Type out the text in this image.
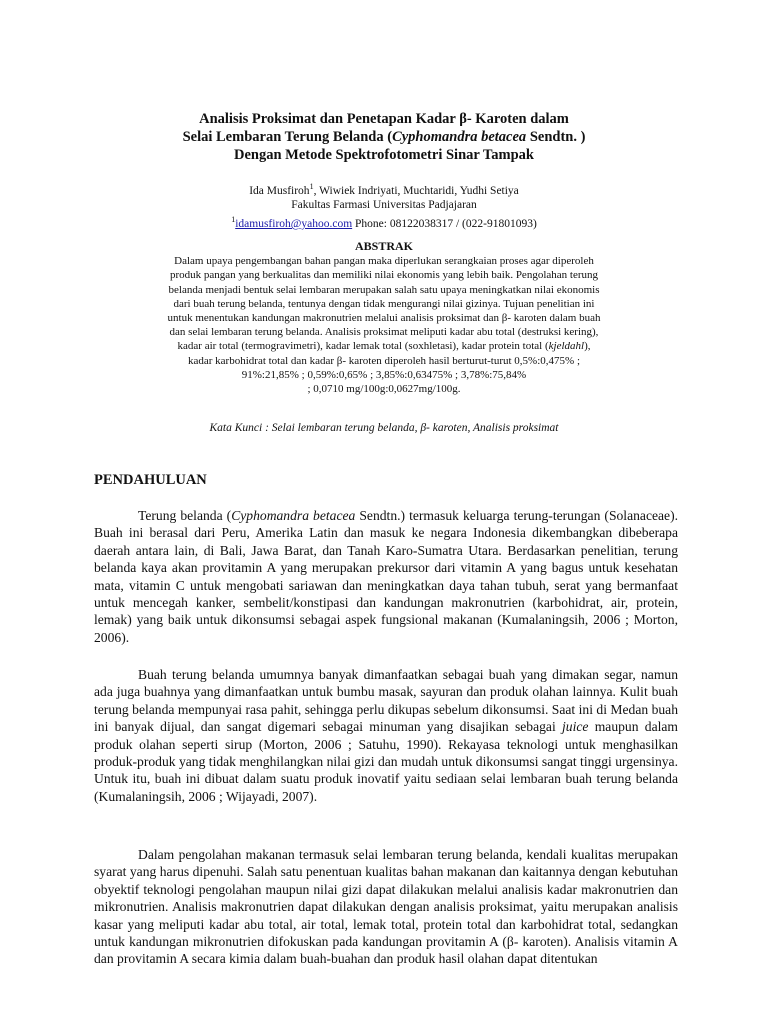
Analisis Proksimat dan Penetapan Kadar β- Karoten dalam
Selai Lembaran Terung Belanda (Cyphomandra betacea Sendtn. )
Dengan Metode Spektrofotometri Sinar Tampak
Ida Musfiroh$^1$, Wiwiek Indriyati, Muchtaridi, Yudhi Setiya
Fakultas Farmasi Universitas Padjajaran
$^1$idamusfiroh@yahoo.com Phone: 08122038317 / (022-91801093)
ABSTRAK
Dalam upaya pengembangan bahan pangan maka diperlukan serangkaian proses agar diperoleh
produk pangan yang berkualitas dan memiliki nilai ekonomis yang lebih baik. Pengolahan terung
belanda menjadi bentuk selai lembaran merupakan salah satu upaya meningkatkan nilai ekonomis
dari buah terung belanda, tentunya dengan tidak mengurangi nilai gizinya. Tujuan penelitian ini
untuk menentukan kandungan makronutrien melalui analisis proksimat dan β- karoten dalam buah
dan selai lembaran terung belanda. Analisis proksimat meliputi kadar abu total (destruksi kering),
kadar air total (termogravimetri), kadar lemak total (soxhletasi), kadar protein total (kjeldahl),
kadar karbohidrat total dan kadar β- karoten diperoleh hasil berturut-turut 0,5%:0,475% ;
91%:21,85% ; 0,59%:0,65% ; 3,85%:0,63475% ; 3,78%:75,84%
; 0,0710 mg/100g:0,0627mg/100g.
Kata Kunci : Selai lembaran terung belanda, β- karoten, Analisis proksimat
PENDAHULUAN
Terung belanda (Cyphomandra betacea Sendtn.) termasuk keluarga terung-terungan (Solanaceae). Buah ini berasal dari Peru, Amerika Latin dan masuk ke negara Indonesia dikembangkan dibeberapa daerah antara lain, di Bali, Jawa Barat, dan Tanah Karo-Sumatra Utara. Berdasarkan penelitian, terung belanda kaya akan provitamin A yang merupakan prekursor dari vitamin A yang bagus untuk kesehatan mata, vitamin C untuk mengobati sariawan dan meningkatkan daya tahan tubuh, serat yang bermanfaat untuk mencegah kanker, sembelit/konstipasi dan kandungan makronutrien (karbohidrat, air, protein, lemak) yang baik untuk dikonsumsi sebagai aspek fungsional makanan (Kumalaningsih, 2006 ; Morton, 2006).
Buah terung belanda umumnya banyak dimanfaatkan sebagai buah yang dimakan segar, namun ada juga buahnya yang dimanfaatkan untuk bumbu masak, sayuran dan produk olahan lainnya. Kulit buah terung belanda mempunyai rasa pahit, sehingga perlu dikupas sebelum dikonsumsi. Saat ini di Medan buah ini banyak dijual, dan sangat digemari sebagai minuman yang disajikan sebagai juice maupun dalam produk olahan seperti sirup (Morton, 2006 ; Satuhu, 1990). Rekayasa teknologi untuk menghasilkan produk-produk yang tidak menghilangkan nilai gizi dan mudah untuk dikonsumsi sangat tinggi urgensinya. Untuk itu, buah ini dibuat dalam suatu produk inovatif yaitu sediaan selai lembaran buah terung belanda (Kumalaningsih, 2006 ; Wijayadi, 2007).
Dalam pengolahan makanan termasuk selai lembaran terung belanda, kendali kualitas merupakan syarat yang harus dipenuhi. Salah satu penentuan kualitas bahan makanan dan kaitannya dengan kebutuhan obyektif teknologi pengolahan maupun nilai gizi dapat dilakukan melalui analisis kadar makronutrien dan mikronutrien. Analisis makronutrien dapat dilakukan dengan analisis proksimat, yaitu merupakan analisis kasar yang meliputi kadar abu total, air total, lemak total, protein total dan karbohidrat total, sedangkan untuk kandungan mikronutrien difokuskan pada kandungan provitamin A (β- karoten). Analisis vitamin A dan provitamin A secara kimia dalam buah-buahan dan produk hasil olahan dapat ditentukan
